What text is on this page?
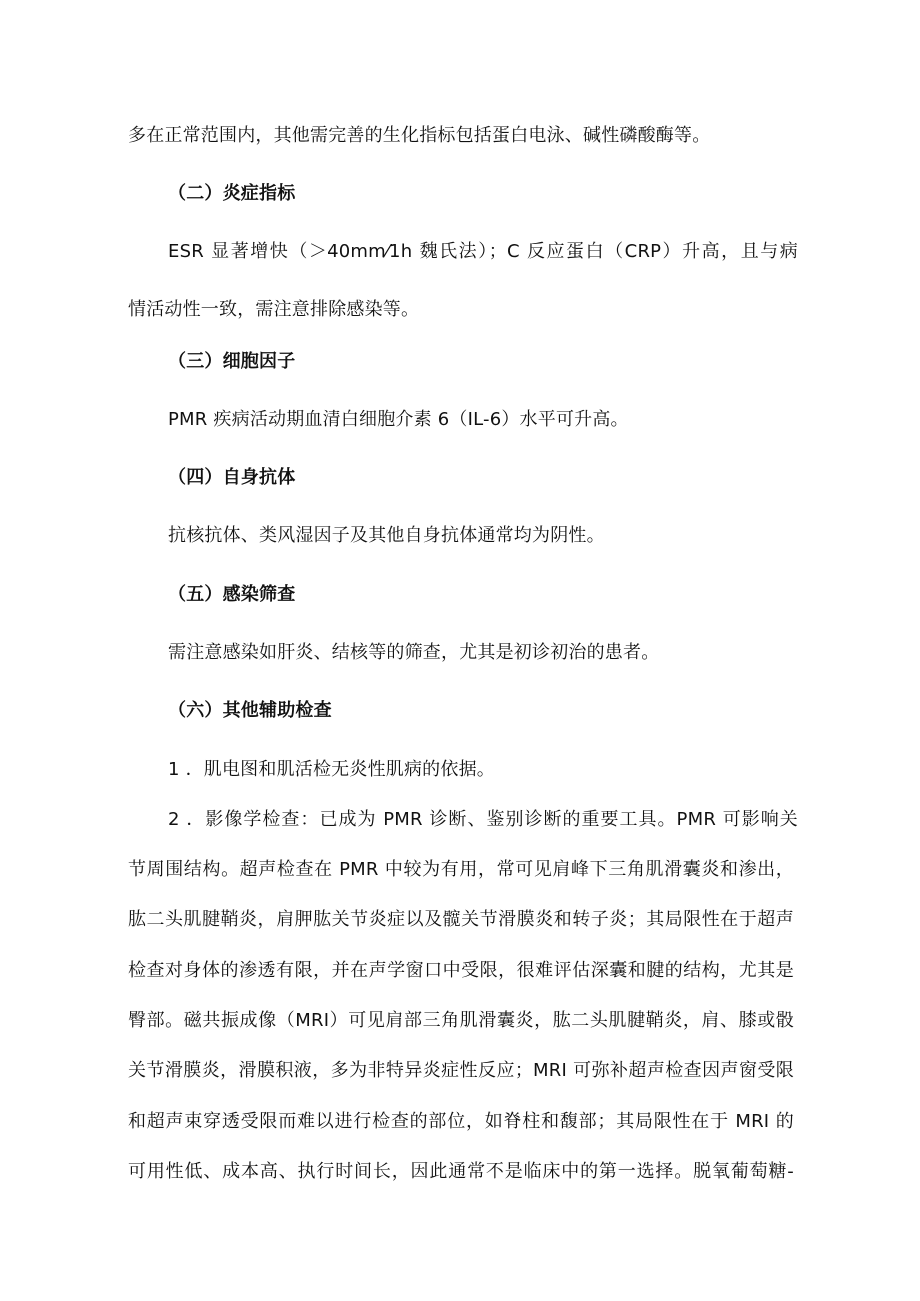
多在正常范围内，其他需完善的生化指标包括蛋白电泳、碱性磷酸酶等。
（二）炎症指标
ESR 显著增快（＞40mm⁄1h 魏氏法）；C 反应蛋白（CRP）升高，且与病
情活动性一致，需注意排除感染等。
（三）细胞因子
PMR 疾病活动期血清白细胞介素 6（IL-6）水平可升高。
（四）自身抗体
抗核抗体、类风湿因子及其他自身抗体通常均为阴性。
（五）感染筛查
需注意感染如肝炎、结核等的筛查，尤其是初诊初治的患者。
（六）其他辅助检查
1 ．肌电图和肌活检无炎性肌病的依据。
2 ．影像学检查：已成为 PMR 诊断、鉴别诊断的重要工具。PMR 可影响关
节周围结构。超声检查在 PMR 中较为有用，常可见肩峰下三角肌滑囊炎和渗出，
肱二头肌腱鞘炎，肩胛肱关节炎症以及髋关节滑膜炎和转子炎；其局限性在于超声
检查对身体的渗透有限，并在声学窗口中受限，很难评估深囊和腱的结构，尤其是
臀部。磁共振成像（MRI）可见肩部三角肌滑囊炎，肱二头肌腱鞘炎，肩、膝或骰
关节滑膜炎，滑膜积液，多为非特异炎症性反应；MRI 可弥补超声检查因声窗受限
和超声束穿透受限而难以进行检查的部位，如脊柱和馥部；其局限性在于 MRI 的
可用性低、成本高、执行时间长，因此通常不是临床中的第一选择。脱氧葡萄糖-
